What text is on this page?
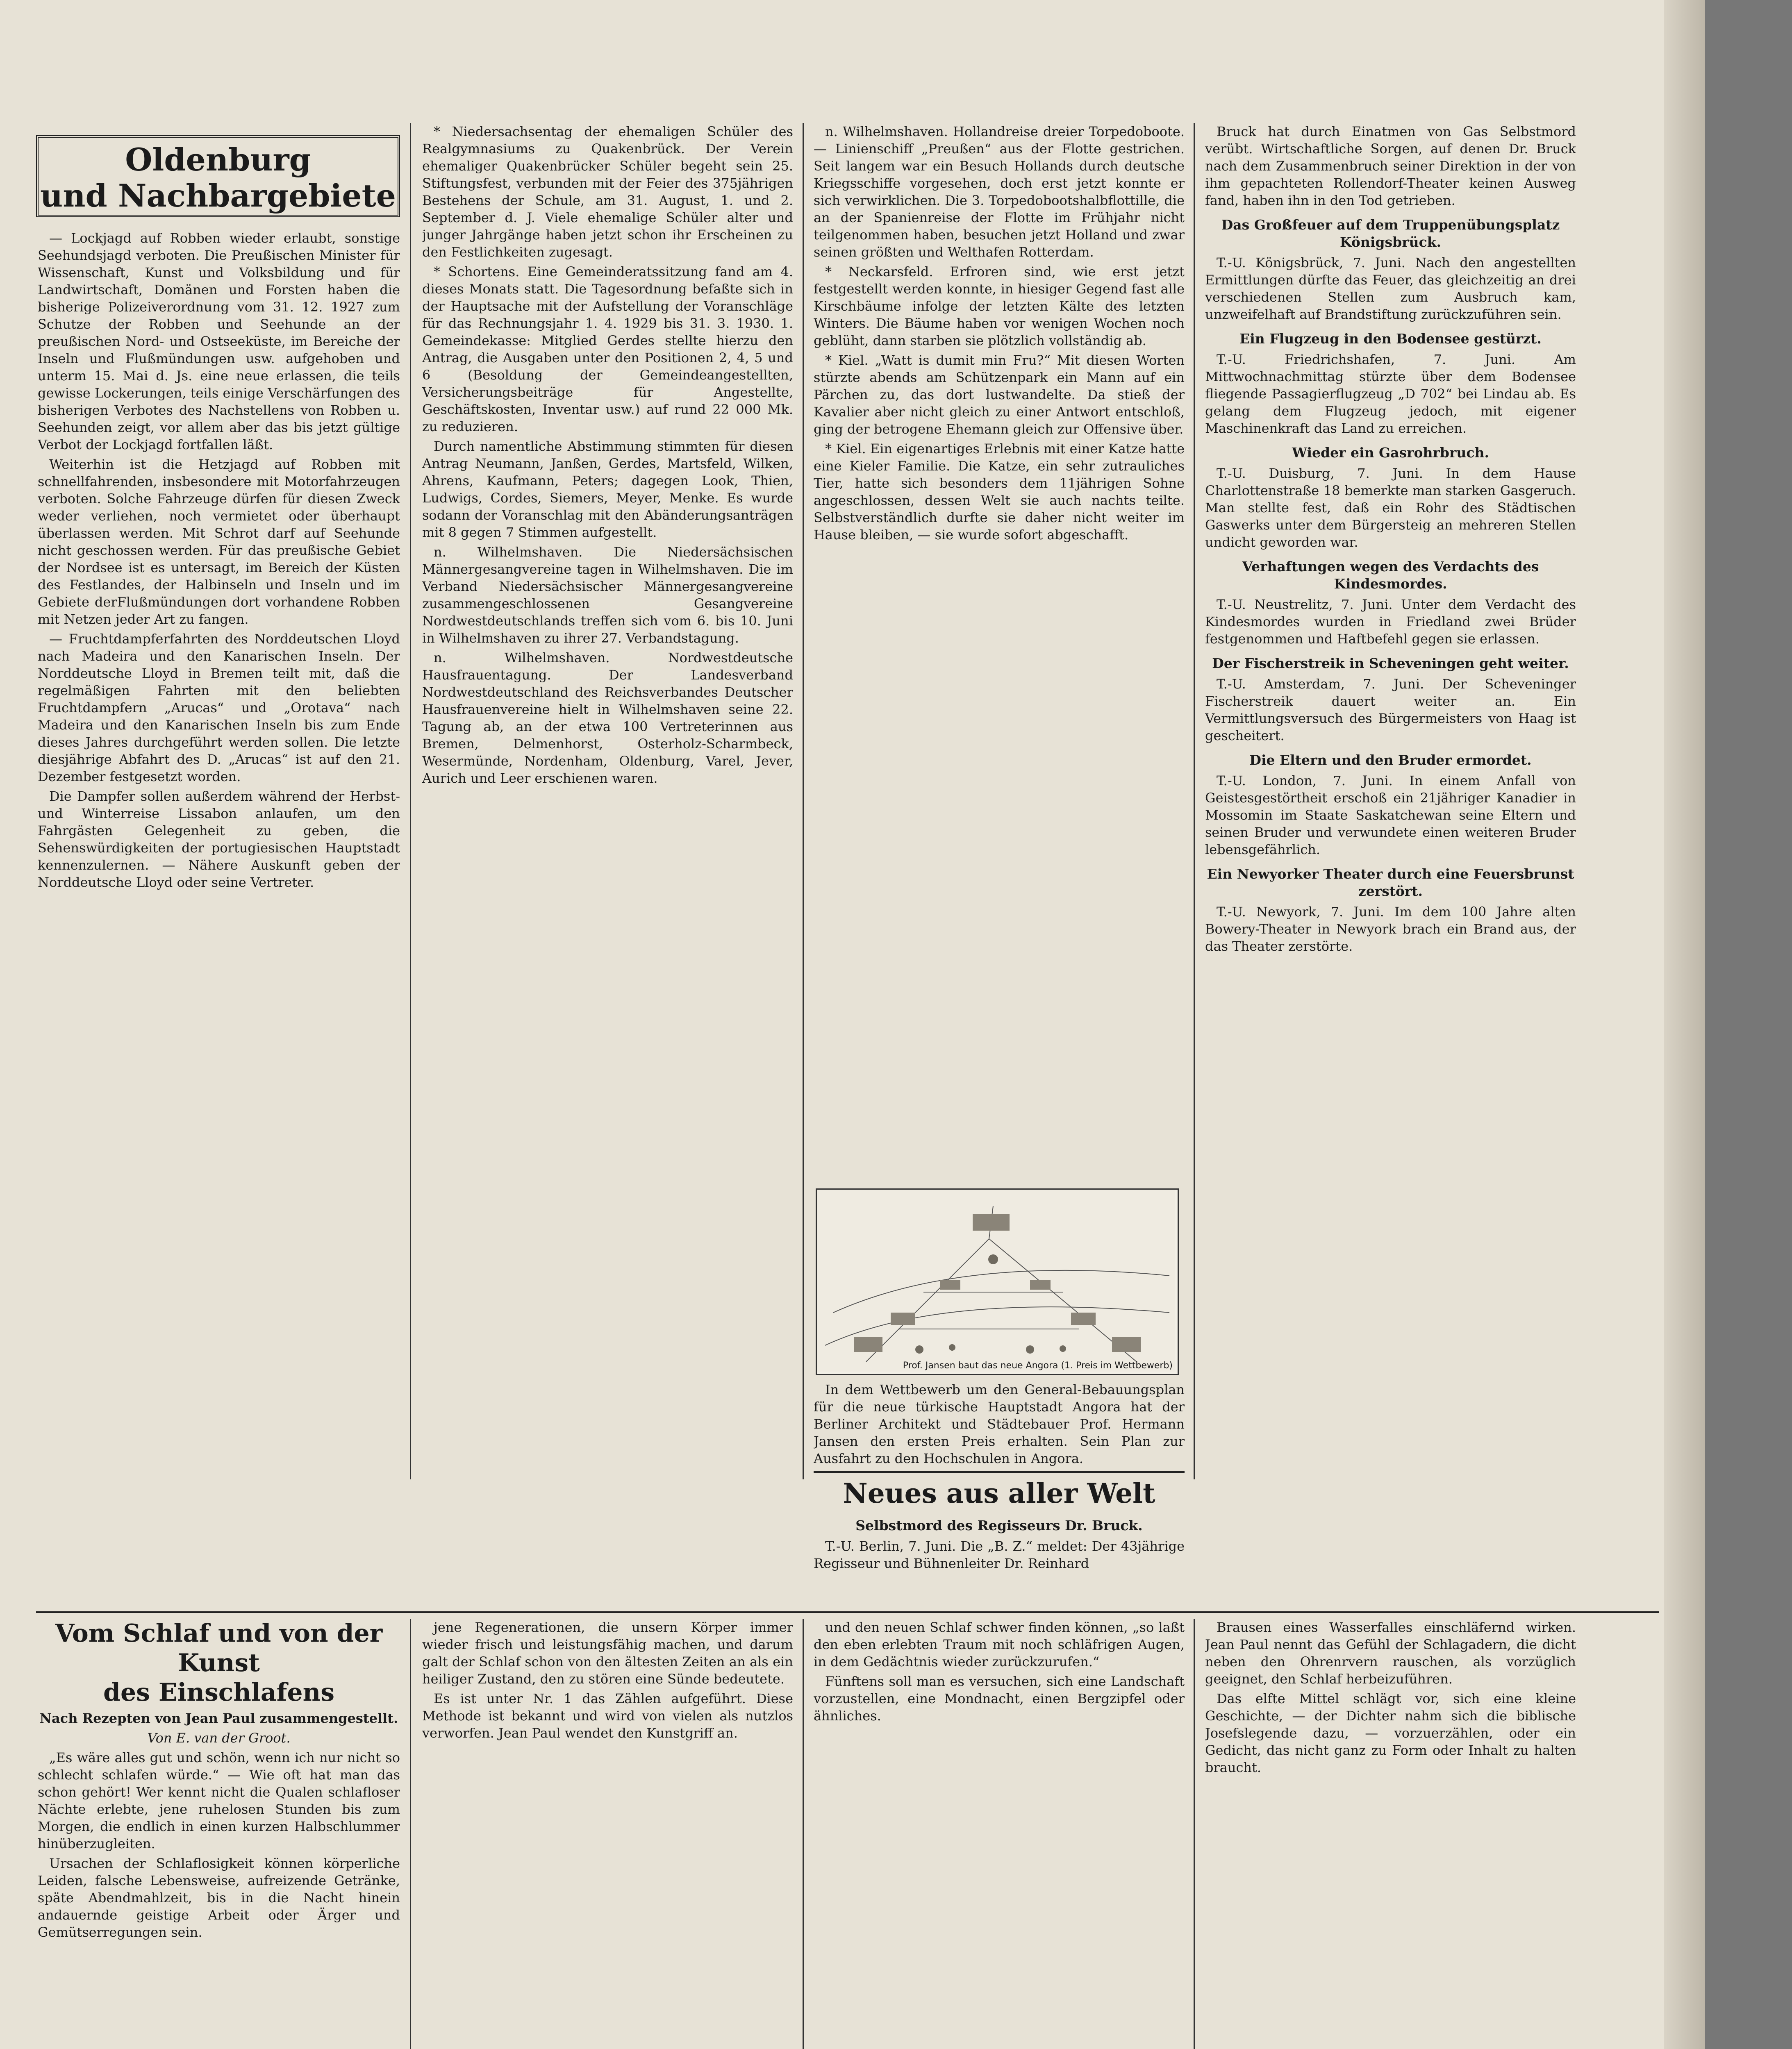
Oldenburg
und Nachbargebiete

— Lockjagd auf Robben wieder erlaubt, sonstige Seehundsjagd verboten. Die Preußischen Minister für Wissenschaft, Kunst und Volksbildung und für Landwirtschaft, Domänen und Forsten haben die bisherige Polizeiverordnung vom 31. 12. 1927 zum Schutze der Robben und Seehunde an der preußischen Nord- und Ostseeküste, im Bereiche der Inseln und Flußmündungen usw. aufgehoben und unterm 15. Mai d. Js. eine neue erlassen, die teils gewisse Lockerungen, teils einige Verschärfungen des bisherigen Verbotes des Nachstellens von Robben u. Seehunden zeigt, vor allem aber das bis jetzt gültige Verbot der Lockjagd fortfallen läßt.

Weiterhin ist die Hetzjagd auf Robben mit schnellfahrenden, insbesondere mit Motorfahrzeugen verboten. Solche Fahrzeuge dürfen für diesen Zweck weder verliehen, noch vermietet oder überhaupt überlassen werden. Mit Schrot darf auf Seehunde nicht geschossen werden. Für das preußische Gebiet der Nordsee ist es untersagt, im Bereich der Küsten des Festlandes, der Halbinseln und Inseln und im Gebiete derFlußmündungen dort vorhandene Robben mit Netzen jeder Art zu fangen.

— Fruchtdampferfahrten des Norddeutschen Lloyd nach Madeira und den Kanarischen Inseln. Der Norddeutsche Lloyd in Bremen teilt mit, daß die regelmäßigen Fahrten mit den beliebten Fruchtdampfern „Arucas“ und „Orotava“ nach Madeira und den Kanarischen Inseln bis zum Ende dieses Jahres durchgeführt werden sollen. Die letzte diesjährige Abfahrt des D. „Arucas“ ist auf den 21. Dezember festgesetzt worden.

Die Dampfer sollen außerdem während der Herbst- und Winterreise Lissabon anlaufen, um den Fahrgästen Gelegenheit zu geben, die Sehenswürdigkeiten der portugiesischen Hauptstadt kennenzulernen. — Nähere Auskunft geben der Norddeutsche Lloyd oder seine Vertreter.

* Niedersachsentag der ehemaligen Schüler des Realgymnasiums zu Quakenbrück. Der Verein ehemaliger Quakenbrücker Schüler begeht sein 25. Stiftungsfest, verbunden mit der Feier des 375jährigen Bestehens der Schule, am 31. August, 1. und 2. September d. J. Viele ehemalige Schüler alter und junger Jahrgänge haben jetzt schon ihr Erscheinen zu den Festlichkeiten zugesagt.

* Schortens. Eine Gemeinderatssitzung fand am 4. dieses Monats statt. Die Tagesordnung befaßte sich in der Hauptsache mit der Aufstellung der Voranschläge für das Rechnungsjahr 1. 4. 1929 bis 31. 3. 1930. 1. Gemeindekasse: Mitglied Gerdes stellte hierzu den Antrag, die Ausgaben unter den Positionen 2, 4, 5 und 6 (Besoldung der Gemeindeangestellten, Versicherungsbeiträge für Angestellte, Geschäftskosten, Inventar usw.) auf rund 22 000 Mk. zu reduzieren.

Durch namentliche Abstimmung stimmten für diesen Antrag Neumann, Janßen, Gerdes, Martsfeld, Wilken, Ahrens, Kaufmann, Peters; dagegen Look, Thien, Ludwigs, Cordes, Siemers, Meyer, Menke. Es wurde sodann der Voranschlag mit den Abänderungsanträgen mit 8 gegen 7 Stimmen aufgestellt.

n. Wilhelmshaven. Die Niedersächsischen Männergesangvereine tagen in Wilhelmshaven. Die im Verband Niedersächsischer Männergesangvereine zusammengeschlossenen Gesangvereine Nordwestdeutschlands treffen sich vom 6. bis 10. Juni in Wilhelmshaven zu ihrer 27. Verbandstagung.

n. Wilhelmshaven. Nordwestdeutsche Hausfrauentagung. Der Landesverband Nordwestdeutschland des Reichsverbandes Deutscher Hausfrauenvereine hielt in Wilhelmshaven seine 22. Tagung ab, an der etwa 100 Vertreterinnen aus Bremen, Delmenhorst, Osterholz-Scharmbeck, Wesermünde, Nordenham, Oldenburg, Varel, Jever, Aurich und Leer erschienen waren.

n. Wilhelmshaven. Hollandreise dreier Torpedoboote. — Linienschiff „Preußen“ aus der Flotte gestrichen. Seit langem war ein Besuch Hollands durch deutsche Kriegsschiffe vorgesehen, doch erst jetzt konnte er sich verwirklichen. Die 3. Torpedobootshalbflottille, die an der Spanienreise der Flotte im Frühjahr nicht teilgenommen haben, besuchen jetzt Holland und zwar seinen größten und Welthafen Rotterdam.

* Neckarsfeld. Erfroren sind, wie erst jetzt festgestellt werden konnte, in hiesiger Gegend fast alle Kirschbäume infolge der letzten Kälte des letzten Winters. Die Bäume haben vor wenigen Wochen noch geblüht, dann starben sie plötzlich vollständig ab.

* Kiel. „Watt is dumit min Fru?“ Mit diesen Worten stürzte abends am Schützenpark ein Mann auf ein Pärchen zu, das dort lustwandelte. Da stieß der Kavalier aber nicht gleich zu einer Antwort entschloß, ging der betrogene Ehemann gleich zur Offensive über.

* Kiel. Ein eigenartiges Erlebnis mit einer Katze hatte eine Kieler Familie. Die Katze, ein sehr zutrauliches Tier, hatte sich besonders dem 11jährigen Sohne angeschlossen, dessen Welt sie auch nachts teilte. Selbstverständlich durfte sie daher nicht weiter im Hause bleiben, — sie wurde sofort abgeschafft.

Prof. Jansen baut das neue Angora (1. Preis im Wettbewerb)

In dem Wettbewerb um den General-Bebauungsplan für die neue türkische Hauptstadt Angora hat der Berliner Architekt und Städtebauer Prof. Hermann Jansen den ersten Preis erhalten. Sein Plan zur Ausfahrt zu den Hochschulen in Angora.

Neues aus aller Welt
Selbstmord des Regisseurs Dr. Bruck.

T.-U. Berlin, 7. Juni. Die „B. Z.“ meldet: Der 43jährige Regisseur und Bühnenleiter Dr. Reinhard

Bruck hat durch Einatmen von Gas Selbstmord verübt. Wirtschaftliche Sorgen, auf denen Dr. Bruck nach dem Zusammenbruch seiner Direktion in der von ihm gepachteten Rollendorf-Theater keinen Ausweg fand, haben ihn in den Tod getrieben.

Das Großfeuer auf dem Truppenübungsplatz Königsbrück.

T.-U. Königsbrück, 7. Juni. Nach den angestellten Ermittlungen dürfte das Feuer, das gleichzeitig an drei verschiedenen Stellen zum Ausbruch kam, unzweifelhaft auf Brandstiftung zurückzuführen sein.

Ein Flugzeug in den Bodensee gestürzt.

T.-U. Friedrichshafen, 7. Juni. Am Mittwochnachmittag stürzte über dem Bodensee fliegende Passagierflugzeug „D 702“ bei Lindau ab. Es gelang dem Flugzeug jedoch, mit eigener Maschinenkraft das Land zu erreichen.

Wieder ein Gasrohrbruch.

T.-U. Duisburg, 7. Juni. In dem Hause Charlottenstraße 18 bemerkte man starken Gasgeruch. Man stellte fest, daß ein Rohr des Städtischen Gaswerks unter dem Bürgersteig an mehreren Stellen undicht geworden war.

Verhaftungen wegen des Verdachts des Kindesmordes.

T.-U. Neustrelitz, 7. Juni. Unter dem Verdacht des Kindesmordes wurden in Friedland zwei Brüder festgenommen und Haftbefehl gegen sie erlassen.

Der Fischerstreik in Scheveningen geht weiter.

T.-U. Amsterdam, 7. Juni. Der Scheveninger Fischerstreik dauert weiter an. Ein Vermittlungsversuch des Bürgermeisters von Haag ist gescheitert.

Die Eltern und den Bruder ermordet.

T.-U. London, 7. Juni. In einem Anfall von Geistesgestörtheit erschoß ein 21jähriger Kanadier in Mossomin im Staate Saskatchewan seine Eltern und seinen Bruder und verwundete einen weiteren Bruder lebensgefährlich.

Ein Newyorker Theater durch eine Feuersbrunst zerstört.

T.-U. Newyork, 7. Juni. Im dem 100 Jahre alten Bowery-Theater in Newyork brach ein Brand aus, der das Theater zerstörte.

Vom Schlaf und von der Kunst
des Einschlafens
Nach Rezepten von Jean Paul zusammengestellt.
Von E. van der Groot.

„Es wäre alles gut und schön, wenn ich nur nicht so schlecht schlafen würde.“ — Wie oft hat man das schon gehört! Wer kennt nicht die Qualen schlafloser Nächte erlebte, jene ruhelosen Stunden bis zum Morgen, die endlich in einen kurzen Halbschlummer hinüberzugleiten.

Ursachen der Schlaflosigkeit können körperliche Leiden, falsche Lebensweise, aufreizende Getränke, späte Abendmahlzeit, bis in die Nacht hinein andauernde geistige Arbeit oder Ärger und Gemütserregungen sein.

jene Regenerationen, die unsern Körper immer wieder frisch und leistungsfähig machen, und darum galt der Schlaf schon von den ältesten Zeiten an als ein heiliger Zustand, den zu stören eine Sünde bedeutete.

Es ist unter Nr. 1 das Zählen aufgeführt. Diese Methode ist bekannt und wird von vielen als nutzlos verworfen. Jean Paul wendet den Kunstgriff an.

und den neuen Schlaf schwer finden können, „so laßt den eben erlebten Traum mit noch schläfrigen Augen, in dem Gedächtnis wieder zurückzurufen.“

Fünftens soll man es versuchen, sich eine Landschaft vorzustellen, eine Mondnacht, einen Bergzipfel oder ähnliches.

Brausen eines Wasserfalles einschläfernd wirken. Jean Paul nennt das Gefühl der Schlagadern, die dicht neben den Ohrenrvern rauschen, als vorzüglich geeignet, den Schlaf herbeizuführen.

Das elfte Mittel schlägt vor, sich eine kleine Geschichte, — der Dichter nahm sich die biblische Josefslegende dazu, — vorzuerzählen, oder ein Gedicht, das nicht ganz zu Form oder Inhalt zu halten braucht.
